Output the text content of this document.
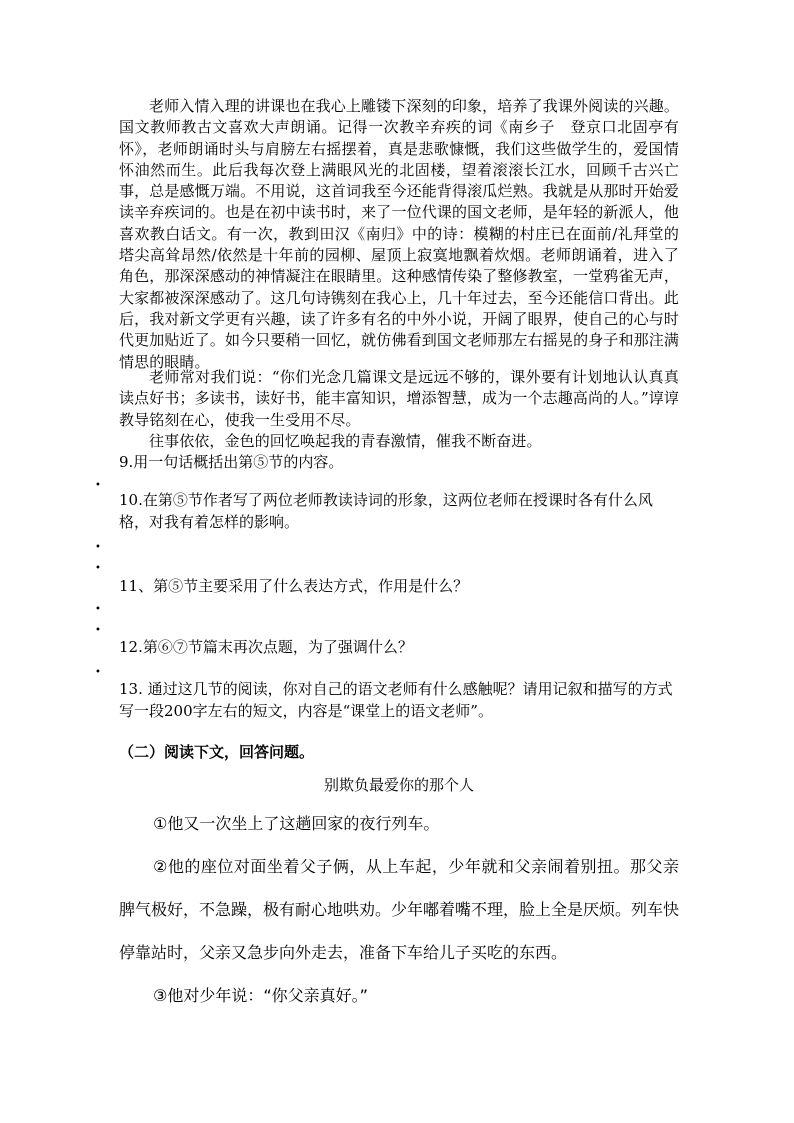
老师入情入理的讲课也在我心上雕镂下深刻的印象，培养了我课外阅读的兴趣。国文教师教古文喜欢大声朗诵。记得一次教辛弃疾的词《南乡子　登京口北固亭有怀》，老师朗诵时头与肩膀左右摇摆着，真是悲歌慷慨，我们这些做学生的，爱国情怀油然而生。此后我每次登上满眼风光的北固楼，望着滚滚长江水，回顾千古兴亡事，总是感慨万端。不用说，这首词我至今还能背得滚瓜烂熟。我就是从那时开始爱读辛弃疾词的。也是在初中读书时，来了一位代课的国文老师，是年轻的新派人，他喜欢教白话文。有一次，教到田汉《南归》中的诗：模糊的村庄已在面前/礼拜堂的塔尖高耸昂然/依然是十年前的园柳、屋顶上寂寞地飘着炊烟。老师朗诵着，进入了角色，那深深感动的神情凝注在眼睛里。这种感情传染了整修教室，一堂鸦雀无声，大家都被深深感动了。这几句诗镌刻在我心上，几十年过去，至今还能信口背出。此后，我对新文学更有兴趣，读了许多有名的中外小说，开阔了眼界，使自己的心与时代更加贴近了。如今只要稍一回忆，就仿佛看到国文老师那左右摇晃的身子和那注满情思的眼睛。
老师常对我们说：“你们光念几篇课文是远远不够的，课外要有计划地认认真真读点好书；多读书，读好书，能丰富知识，增添智慧，成为一个志趣高尚的人。”谆谆教导铭刻在心，使我一生受用不尽。
往事依依，金色的回忆唤起我的青春激情，催我不断奋进。
9.用一句话概括出第⑤节的内容。
10.在第⑤节作者写了两位老师教读诗词的形象，这两位老师在授课时各有什么风格，对我有着怎样的影响。
11、第⑤节主要采用了什么表达方式，作用是什么？
12.第⑥⑦节篇末再次点题，为了强调什么？
13. 通过这几节的阅读，你对自己的语文老师有什么感触呢？请用记叙和描写的方式写一段200字左右的短文，内容是“课堂上的语文老师”。
（二）阅读下文，回答问题。
别欺负最爱你的那个人
①他又一次坐上了这趟回家的夜行列车。
②他的座位对面坐着父子俩，从上车起，少年就和父亲闹着别扭。那父亲脾气极好，不急躁，极有耐心地哄劝。少年嘟着嘴不理，脸上全是厌烦。列车快停靠站时，父亲又急步向外走去，准备下车给儿子买吃的东西。
③他对少年说：“你父亲真好。”
•
•
•
•
•
•
